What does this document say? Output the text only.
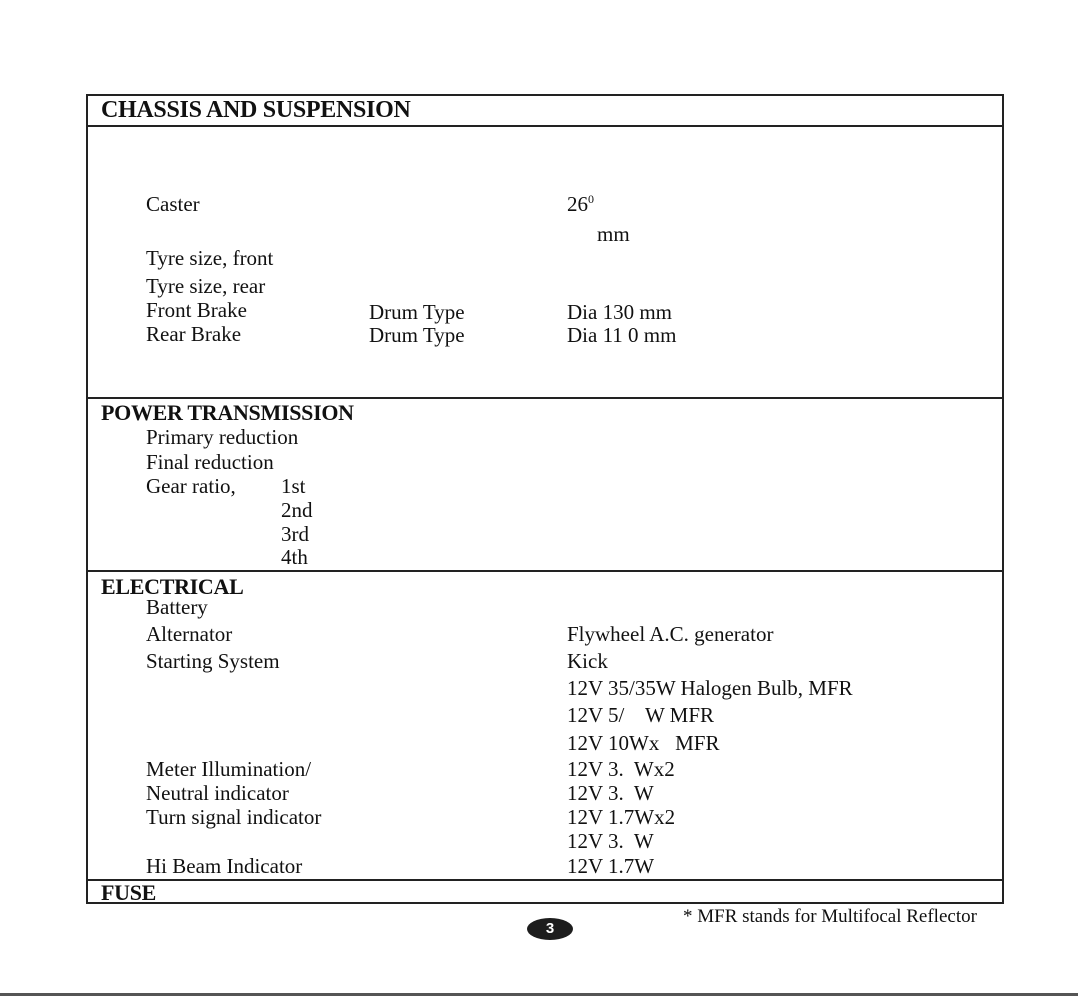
CHASSIS AND SUSPENSION
Caster	$26^0$
mm
Tyre size, front
Tyre size, rear
Front Brake	Drum Type	Dia 130 mm
Rear Brake	Drum Type	Dia 11 0 mm
POWER TRANSMISSION
Primary reduction
Final reduction
Gear ratio, 1st
2nd
3rd
4th
ELECTRICAL
Battery
Alternator	Flywheel A.C. generator
Starting System	Kick
12V 35/35W Halogen Bulb, MFR
12V 5/    W MFR
12V 10Wx   MFR
Meter Illumination/	12V 3.  Wx2
Neutral indicator	12V 3.  W
Turn signal indicator	12V 1.7Wx2
12V 3.  W
Hi Beam Indicator	12V 1.7W
FUSE
3
* MFR stands for Multifocal Reflector
